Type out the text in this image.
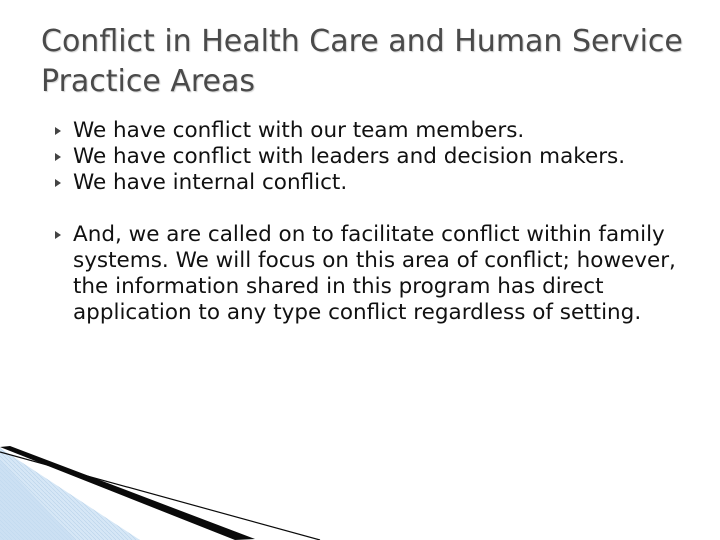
Conflict in Health Care and Human Service Practice Areas
We have conflict with our team members.
We have conflict with leaders and decision makers.
We have internal conflict.
And, we are called on to facilitate conflict within family systems. We will focus on this area of conflict; however, the information shared in this program has direct application to any type conflict regardless of setting.
